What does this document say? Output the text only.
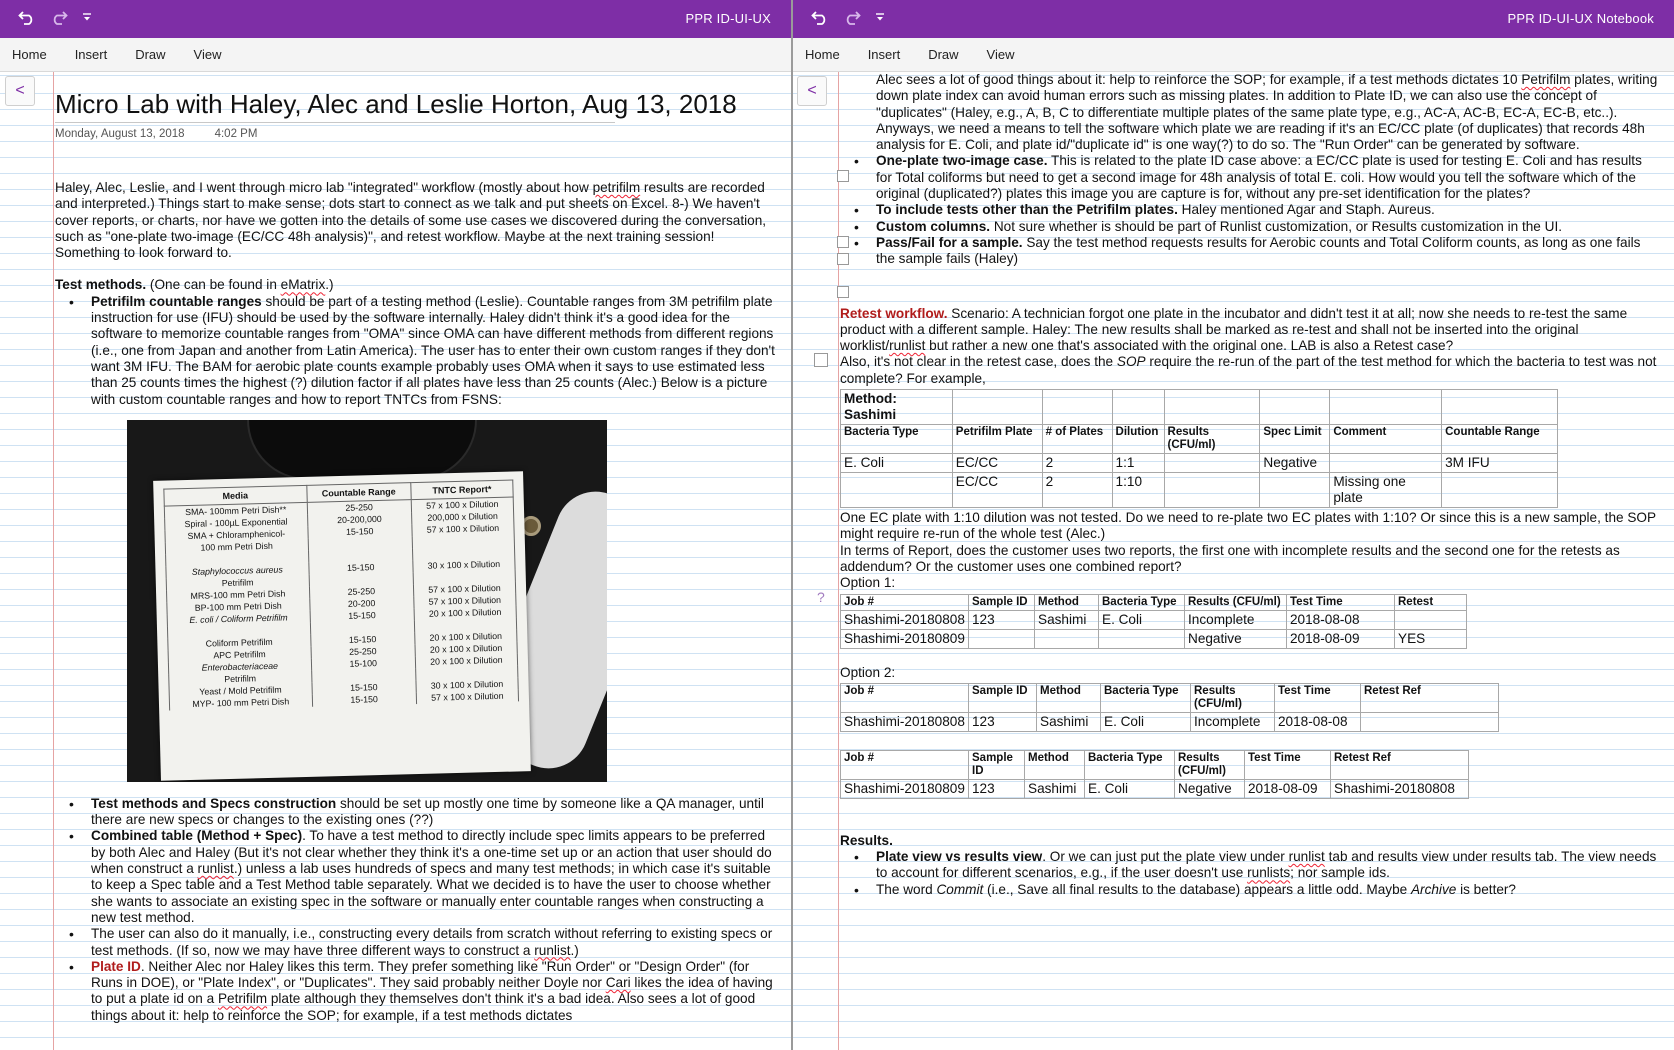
PPR ID-UI-UX
Home	Insert	Draw	View
<	Micro Lab with Haley, Alec and Leslie Horton, Aug 13, 2018
Monday, August 13, 2018	4:02 PM

Haley, Alec, Leslie, and I went through micro lab "integrated" workflow (mostly about how petrifilm results are recorded and interpreted.) Things start to make sense; dots start to connect as we talk and put sheets on Excel. 8-) We haven't cover reports, or charts, nor have we gotten into the details of some use cases we discovered during the conversation, such as "one-plate two-image (EC/CC 48h analysis)", and retest workflow. Maybe at the next training session! Something to look forward to.

Test methods. (One can be found in eMatrix.)

• Petrifilm countable ranges should be part of a testing method (Leslie). Countable ranges from 3M petrifilm plate instruction for use (IFU) should be used by the software internally. Haley didn't think it's a good idea for the software to memorize countable ranges from "OMA" since OMA can have different methods from different regions (i.e., one from Japan and another from Latin America). The user has to enter their own custom ranges if they don't want 3M IFU. The BAM for aerobic plate counts example probably uses OMA when it says to use estimated less than 25 counts times the highest (?) dilution factor if all plates have less than 25 counts (Alec.) Below is a picture with custom countable ranges and how to report TNTCs from FSNS:
Media	Countable Range	TNTC Report*
SMA- 100mm Petri Dish**	25-250	57 x 100 x Dilution
Spiral - 100µL Exponential	20-200,000	200,000 x Dilution
SMA + Chloramphenicol-	15-150	57 x 100 x Dilution
100 mm Petri Dish		

Staphylococcus aureus	15-150	30 x 100 x Dilution
Petrifilm		
MRS-100 mm Petri Dish	25-250	57 x 100 x Dilution
BP-100 mm Petri Dish	20-200	57 x 100 x Dilution
E. coli / Coliform Petrifilm	15-150	20 x 100 x Dilution

Coliform Petrifilm	15-150	20 x 100 x Dilution
APC Petrifilm	25-250	20 x 100 x Dilution
Enterobacteriaceae	15-100	20 x 100 x Dilution
Petrifilm		
Yeast / Mold Petrifilm	15-150	30 x 100 x Dilution
MYP- 100 mm Petri Dish	15-150	57 x 100 x Dilution
• Test methods and Specs construction should be set up mostly one time by someone like a QA manager, until there are new specs or changes to the existing ones (??)
• Combined table (Method + Spec). To have a test method to directly include spec limits appears to be preferred by both Alec and Haley (But it's not clear whether they think it's a one-time set up or an action that user should do when construct a runlist.) unless a lab uses hundreds of specs and many test methods; in which case it's suitable to keep a Spec table and a Test Method table separately. What we decided is to have the user to choose whether she wants to associate an existing spec in the software or manually enter countable ranges when constructing a new test method.
• The user can also do it manually, i.e., constructing every details from scratch without referring to existing specs or test methods. (If so, now we may have three different ways to construct a runlist.)
• Plate ID. Neither Alec nor Haley likes this term. They prefer something like "Run Order" or "Design Order" (for Runs in DOE), or "Plate Index", or "Duplicates". They said probably neither Doyle nor Cari likes the idea of having to put a plate id on a Petrifilm plate although they themselves don't think it's a bad idea. Also sees a lot of good things about it: help to reinforce the SOP; for example, if a test methods dictates
PPR ID-UI-UX Notebook
Home	Insert	Draw	View
<
?

Alec sees a lot of good things about it: help to reinforce the SOP; for example, if a test methods dictates 10 Petrifilm plates, writing down plate index can avoid human errors such as missing plates. In addition to Plate ID, we can also use the concept of "duplicates" (Haley, e.g., A, B, C to differentiate multiple plates of the same plate type, e.g., AC-A, AC-B, EC-A, EC-B, etc..). Anyways, we need a means to tell the software which plate we are reading if it's an EC/CC plate (of duplicates) that records 48h analysis for E. Coli, and plate id/"duplicate id" is one way(?) to do so. The "Run Order" can be generated by software.

• One-plate two-image case. This is related to the plate ID case above: a EC/CC plate is used for testing E. Coli and has results for Total coliforms but need to get a second image for 48h analysis of total E. coli. How would you tell the software which of the original (duplicated?) plates this image you are capture is for, without any pre-set identification for the plates?
• To include tests other than the Petrifilm plates. Haley mentioned Agar and Staph. Aureus.
• Custom columns. Not sure whether is should be part of Runlist customization, or Results customization in the UI.
• Pass/Fail for a sample. Say the test method requests results for Aerobic counts and Total Coliform counts, as long as one fails the sample fails (Haley)

Retest workflow. Scenario: A technician forgot one plate in the incubator and didn't test it at all; now she needs to re-test the same product with a different sample. Haley: The new results shall be marked as re-test and shall not be inserted into the original worklist/runlist but rather a new one that's associated with the original one. LAB is also a Retest case?

Also, it's not clear in the retest case, does the SOP require the re-run of the part of the test method for which the bacteria to test was not complete? For example,

Method: Sashimi							
Bacteria Type	Petrifilm Plate	# of Plates	Dilution	Results (CFU/ml)	Spec Limit	Comment	Countable Range
E. Coli	EC/CC	2	1:1		Negative		3M IFU
	EC/CC	2	1:10			Missing one plate	

One EC plate with 1:10 dilution was not tested. Do we need to re-plate two EC plates with 1:10? Or since this is a new sample, the SOP might require re-run of the whole test (Alec.)

In terms of Report, does the customer uses two reports, the first one with incomplete results and the second one for the retests as addendum? Or the customer uses one combined report?

Option 1:

Job #	Sample ID	Method	Bacteria Type	Results (CFU/ml)	Test Time	Retest
Shashimi-20180808	123	Sashimi	E. Coli	Incomplete	2018-08-08	
Shashimi-20180809				Negative	2018-08-09	YES

Option 2:

Job #	Sample ID	Method	Bacteria Type	Results (CFU/ml)	Test Time	Retest Ref
Shashimi-20180808	123	Sashimi	E. Coli	Incomplete	2018-08-08	
Job #	Sample ID	Method	Bacteria Type	Results (CFU/ml)	Test Time	Retest Ref
Shashimi-20180809	123	Sashimi	E. Coli	Negative	2018-08-09	Shashimi-20180808

Results.

• Plate view vs results view. Or we can just put the plate view under runlist tab and results view under results tab. The view needs to account for different scenarios, e.g., if the user doesn't use runlists; nor sample ids.
• The word Commit (i.e., Save all final results to the database) appears a little odd. Maybe Archive is better?
